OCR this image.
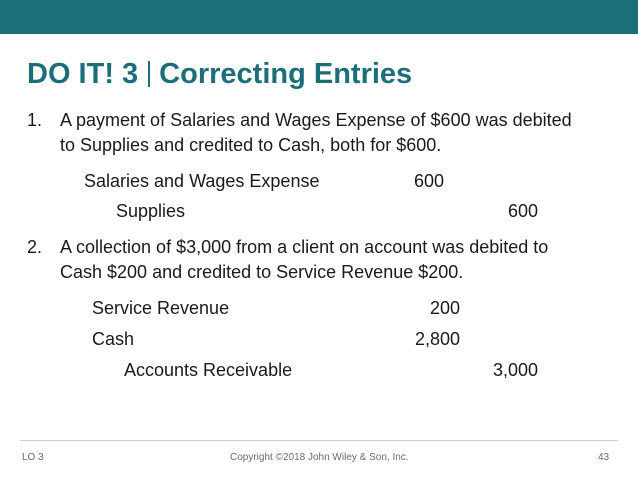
DO IT! 3 Correcting Entries
1. A payment of Salaries and Wages Expense of $600 was debited
to Supplies and credited to Cash, both for $600.
Salaries and Wages Expense	600
Supplies	600
2. A collection of $3,000 from a client on account was debited to
Cash $200 and credited to Service Revenue $200.
Service Revenue	200
Cash	2,800
Accounts Receivable	3,000
LO 3	Copyright ©2018 John Wiley & Son, Inc.	43
